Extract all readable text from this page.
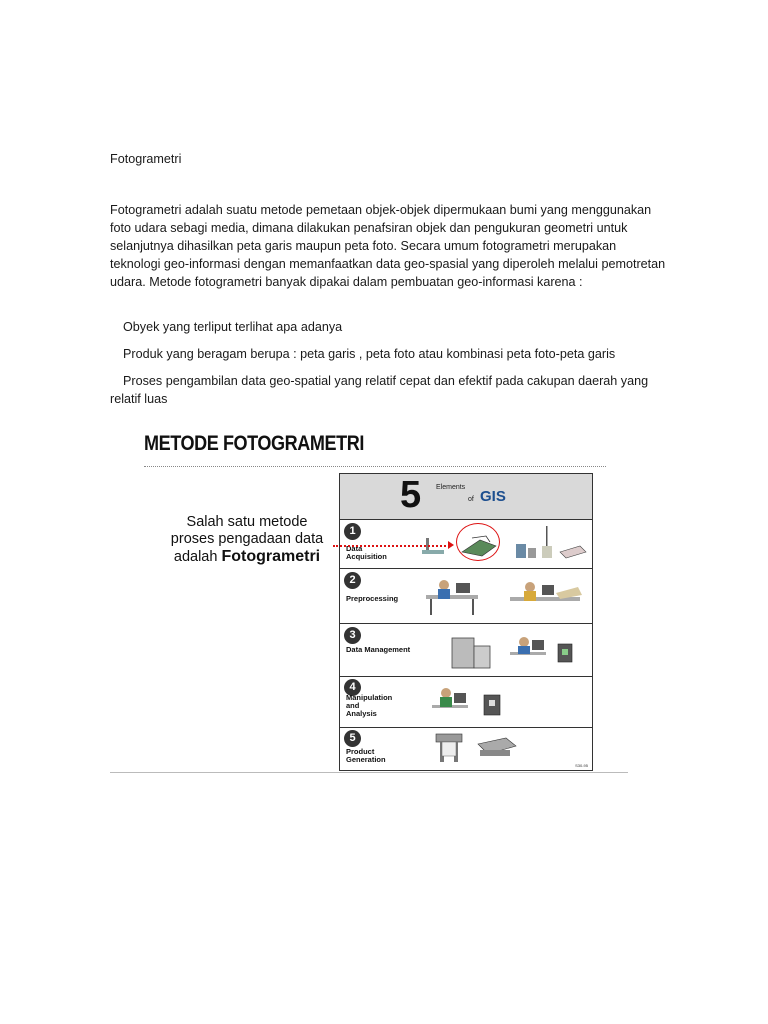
Fotogrametri
Fotogrametri adalah suatu metode pemetaan objek-objek dipermukaan bumi yang menggunakan foto udara sebagi media, dimana dilakukan penafsiran objek dan pengukuran geometri untuk selanjutnya dihasilkan peta garis maupun peta foto. Secara umum fotogrametri merupakan teknologi geo-informasi dengan memanfaatkan data geo-spasial yang diperoleh melalui pemotretan udara. Metode fotogrametri banyak dipakai dalam pembuatan geo-informasi karena :
Obyek yang terliput terlihat apa adanya
Produk yang beragam berupa : peta garis , peta foto atau kombinasi peta foto-peta garis
Proses pengambilan data geo-spatial yang relatif cepat dan efektif pada cakupan daerah yang relatif luas
METODE FOTOGRAMETRI
Salah satu metode
proses pengadaan data
adalah Fotogrametri
5 Elements
of GIS
1
Data
Acquisition
2
Preprocessing
3
Data Management
4
Manipulation
and
Analysis
5
Product
Generation
S30-95
